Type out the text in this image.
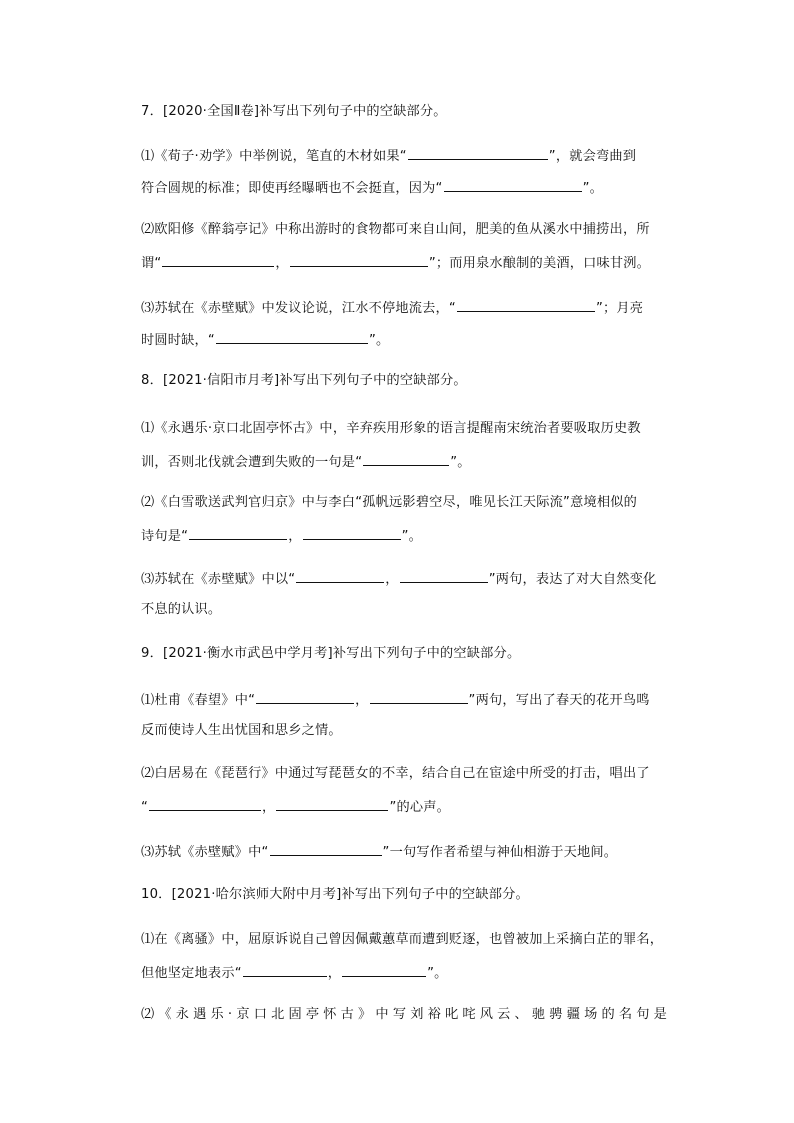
7．[2020·全国Ⅱ卷]补写出下列句子中的空缺部分。

⑴《荀子·劝学》中举例说，笔直的木材如果“	”，就会弯曲到

符合圆规的标准；即使再经曝晒也不会挺直，因为“	”。

⑵欧阳修《醉翁亭记》中称出游时的食物都可来自山间，肥美的鱼从溪水中捕捞出，所

谓“	，	”；而用泉水酿制的美酒，口味甘洌。

⑶苏轼在《赤壁赋》中发议论说，江水不停地流去，“	”；月亮

时圆时缺，“	”。

8．[2021·信阳市月考]补写出下列句子中的空缺部分。

⑴《永遇乐·京口北固亭怀古》中，辛弃疾用形象的语言提醒南宋统治者要吸取历史教

训，否则北伐就会遭到失败的一句是“	”。

⑵《白雪歌送武判官归京》中与李白“孤帆远影碧空尽，唯见长江天际流”意境相似的

诗句是“	，	”。

⑶苏轼在《赤壁赋》中以“	，	”两句，表达了对大自然变化

不息的认识。

9．[2021·衡水市武邑中学月考]补写出下列句子中的空缺部分。

⑴杜甫《春望》中“	，	”两句，写出了春天的花开鸟鸣

反而使诗人生出忧国和思乡之情。

⑵白居易在《琵琶行》中通过写琵琶女的不幸，结合自己在宦途中所受的打击，唱出了

“	，	”的心声。

⑶苏轼《赤壁赋》中“	”一句写作者希望与神仙相游于天地间。

10．[2021·哈尔滨师大附中月考]补写出下列句子中的空缺部分。

⑴在《离骚》中，屈原诉说自己曾因佩戴蕙草而遭到贬逐，也曾被加上采摘白芷的罪名，

但他坚定地表示“	，	”。

⑵《永遇乐·京口北固亭怀古》中写刘裕叱咤风云、驰骋疆场的名句是
